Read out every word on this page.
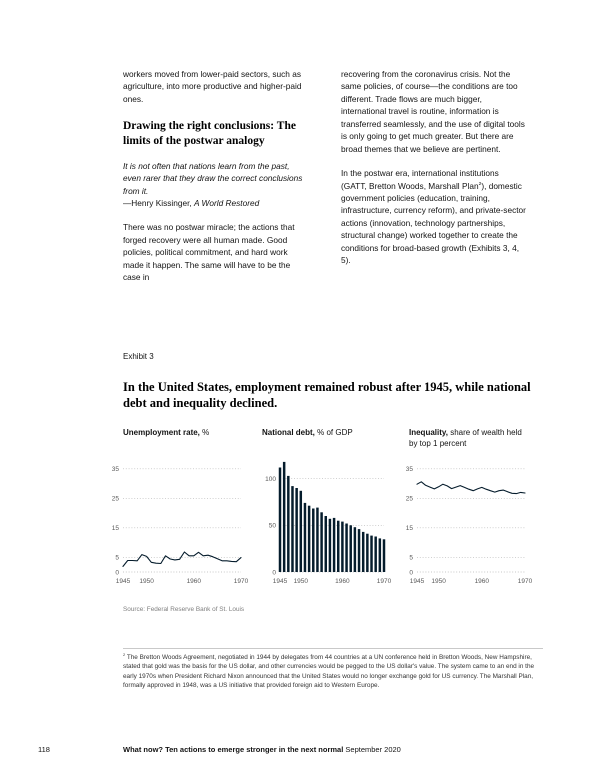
workers moved from lower-paid sectors, such as agriculture, into more productive and higher-paid ones.

Drawing the right conclusions: The limits of the postwar analogy

It is not often that nations learn from the past, even rarer that they draw the correct conclusions from it.
—Henry Kissinger, A World Restored

There was no postwar miracle; the actions that forged recovery were all human made. Good policies, political commitment, and hard work made it happen. The same will have to be the case in

recovering from the coronavirus crisis. Not the same policies, of course—the conditions are too different. Trade flows are much bigger, international travel is routine, information is transferred seamlessly, and the use of digital tools is only going to get much greater. But there are broad themes that we believe are pertinent.

In the postwar era, international institutions (GATT, Bretton Woods, Marshall Plan$^2$), domestic government policies (education, training, infrastructure, currency reform), and private-sector actions (innovation, technology partnerships, structural change) worked together to create the conditions for broad-based growth (Exhibits 3, 4, 5).

Exhibit 3
In the United States, employment remained robust after 1945, while national debt and inequality declined.
Unemployment rate, %
0
5
15
25
35
1945 1950	1960	1970
National debt, % of GDP
0
50
100
1945 1950	1960	1970
Inequality, share of wealth held by top 1 percent
0
5
15
25
35
1945 1950	1960	1970
Source: Federal Reserve Bank of St. Louis

$^2$ The Bretton Woods Agreement, negotiated in 1944 by delegates from 44 countries at a UN conference held in Bretton Woods, New Hampshire, stated that gold was the basis for the US dollar, and other currencies would be pegged to the US dollar's value. The system came to an end in the early 1970s when President Richard Nixon announced that the United States would no longer exchange gold for US currency. The Marshall Plan, formally approved in 1948, was a US initiative that provided foreign aid to Western Europe.

118	What now? Ten actions to emerge stronger in the next normal September 2020
